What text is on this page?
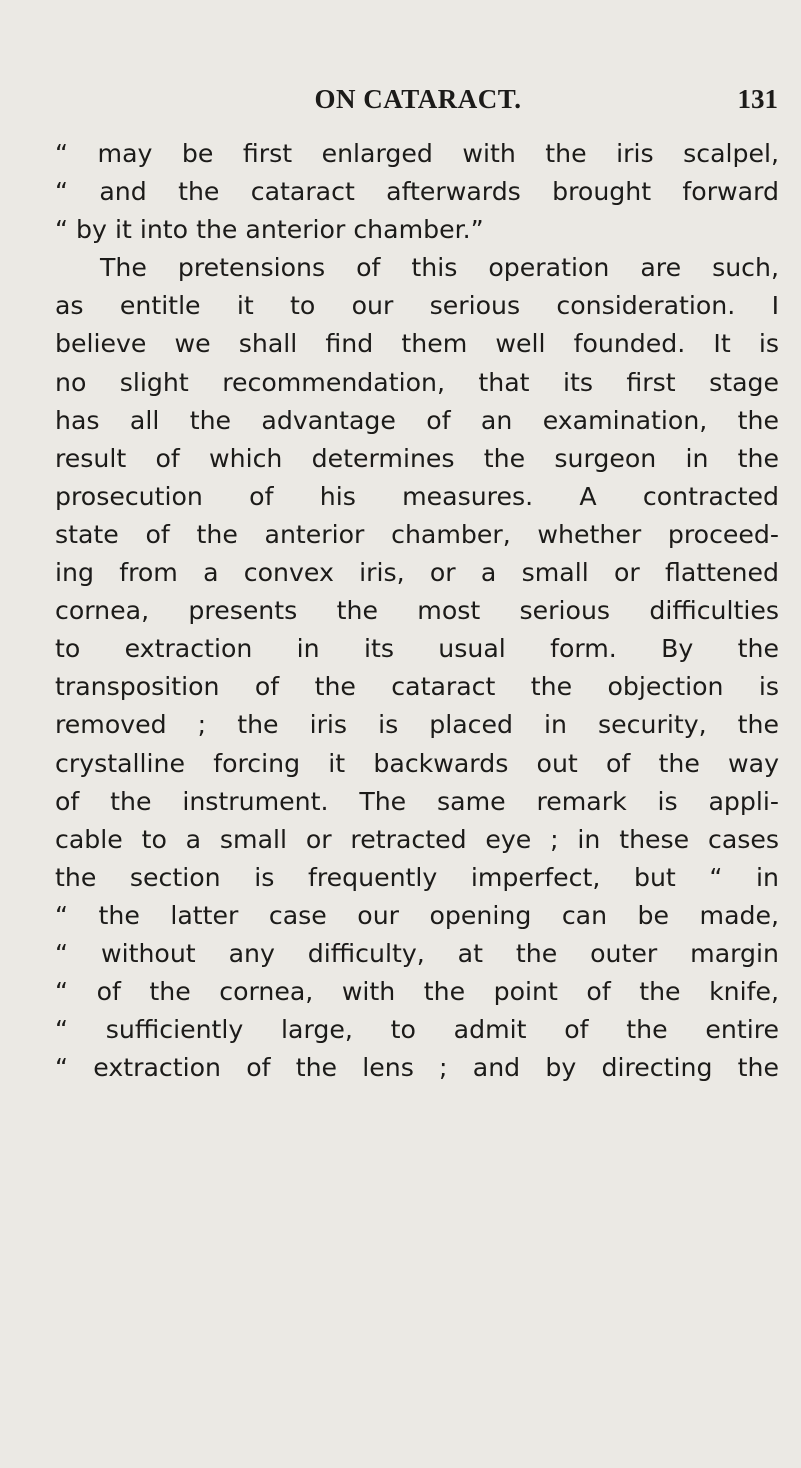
ON CATARACT.	131
“ may be first enlarged with the iris scalpel,
“ and the cataract afterwards brought forward
“ by it into the anterior chamber.”
The pretensions of this operation are such,
as entitle it to our serious consideration. I
believe we shall find them well founded. It is
no slight recommendation, that its first stage
has all the advantage of an examination, the
result of which determines the surgeon in the
prosecution of his measures. A contracted
state of the anterior chamber, whether proceed-
ing from a convex iris, or a small or flattened
cornea, presents the most serious difficulties
to extraction in its usual form. By the
transposition of the cataract the objection is
removed ; the iris is placed in security, the
crystalline forcing it backwards out of the way
of the instrument. The same remark is appli-
cable to a small or retracted eye ; in these cases
the section is frequently imperfect, but “ in
“ the latter case our opening can be made,
“ without any difficulty, at the outer margin
“ of the cornea, with the point of the knife,
“ sufficiently large, to admit of the entire
“ extraction of the lens ; and by directing the
